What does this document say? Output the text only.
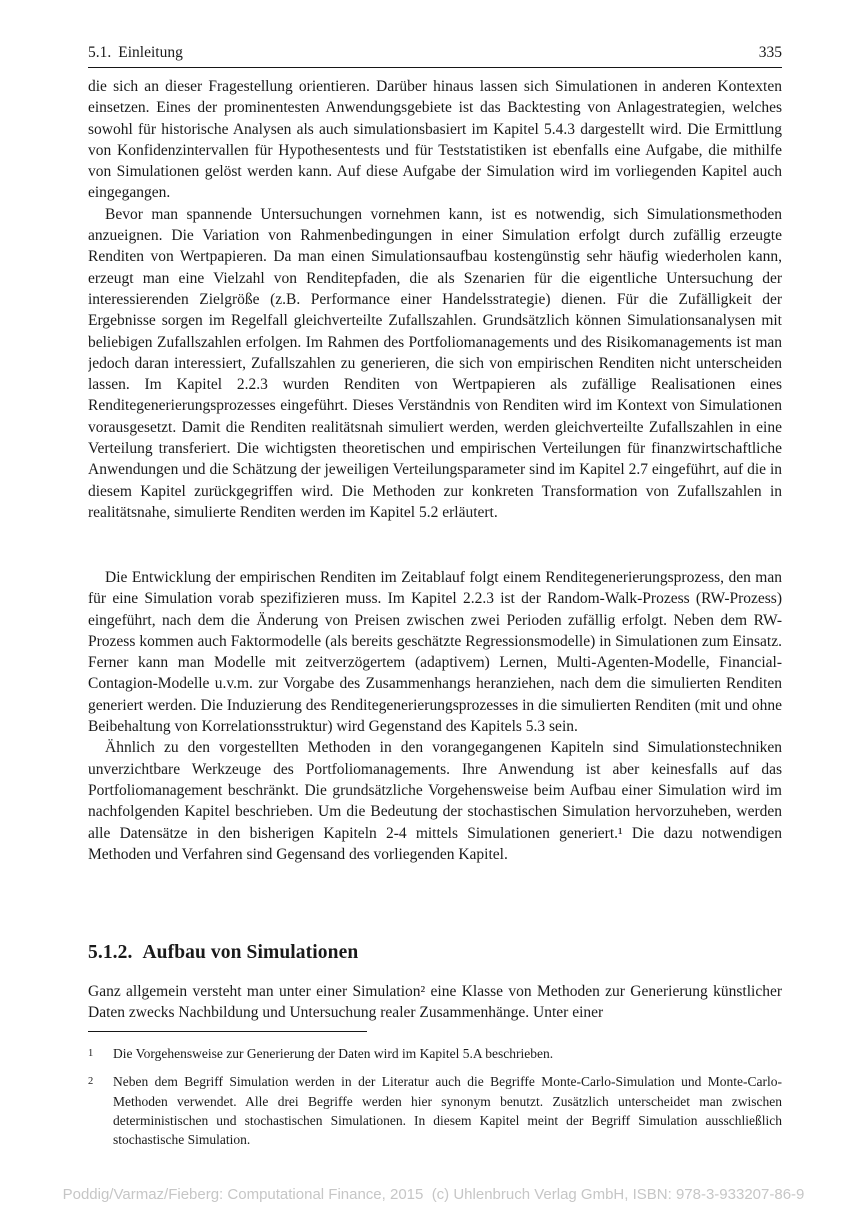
5.1. Einleitung	335

die sich an dieser Fragestellung orientieren. Darüber hinaus lassen sich Simulationen in anderen Kontexten einsetzen. Eines der prominentesten Anwendungsgebiete ist das Backtesting von Anlagestrategien, welches sowohl für historische Analysen als auch simulationsbasiert im Kapitel 5.4.3 dargestellt wird. Die Ermittlung von Konfidenzintervallen für Hypothesentests und für Teststatistiken ist ebenfalls eine Aufgabe, die mithilfe von Simulationen gelöst werden kann. Auf diese Aufgabe der Simulation wird im vorliegenden Kapitel auch eingegangen.

Bevor man spannende Untersuchungen vornehmen kann, ist es notwendig, sich Simulationsmethoden anzueignen. Die Variation von Rahmenbedingungen in einer Simulation erfolgt durch zufällig erzeugte Renditen von Wertpapieren. Da man einen Simulationsaufbau kostengünstig sehr häufig wiederholen kann, erzeugt man eine Vielzahl von Renditepfaden, die als Szenarien für die eigentliche Untersuchung der interessierenden Zielgröße (z.B. Performance einer Handelsstrategie) dienen. Für die Zufälligkeit der Ergebnisse sorgen im Regelfall gleichverteilte Zufallszahlen. Grundsätzlich können Simulationsanalysen mit beliebigen Zufallszahlen erfolgen. Im Rahmen des Portfoliomanagements und des Risikomanagements ist man jedoch daran interessiert, Zufallszahlen zu generieren, die sich von empirischen Renditen nicht unterscheiden lassen. Im Kapitel 2.2.3 wurden Renditen von Wertpapieren als zufällige Realisationen eines Renditegenerierungsprozesses eingeführt. Dieses Verständnis von Renditen wird im Kontext von Simulationen vorausgesetzt. Damit die Renditen realitätsnah simuliert werden, werden gleichverteilte Zufallszahlen in eine Verteilung transferiert. Die wichtigsten theoretischen und empirischen Verteilungen für finanzwirtschaftliche Anwendungen und die Schätzung der jeweiligen Verteilungsparameter sind im Kapitel 2.7 eingeführt, auf die in diesem Kapitel zurückgegriffen wird. Die Methoden zur konkreten Transformation von Zufallszahlen in realitätsnahe, simulierte Renditen werden im Kapitel 5.2 erläutert.

Die Entwicklung der empirischen Renditen im Zeitablauf folgt einem Renditegenerierungsprozess, den man für eine Simulation vorab spezifizieren muss. Im Kapitel 2.2.3 ist der Random-Walk-Prozess (RW-Prozess) eingeführt, nach dem die Änderung von Preisen zwischen zwei Perioden zufällig erfolgt. Neben dem RW-Prozess kommen auch Faktormodelle (als bereits geschätzte Regressionsmodelle) in Simulationen zum Einsatz. Ferner kann man Modelle mit zeitverzögertem (adaptivem) Lernen, Multi-Agenten-Modelle, Financial-Contagion-Modelle u.v.m. zur Vorgabe des Zusammenhangs heranziehen, nach dem die simulierten Renditen generiert werden. Die Induzierung des Renditegenerierungsprozesses in die simulierten Renditen (mit und ohne Beibehaltung von Korrelationsstruktur) wird Gegenstand des Kapitels 5.3 sein.

Ähnlich zu den vorgestellten Methoden in den vorangegangenen Kapiteln sind Simulationstechniken unverzichtbare Werkzeuge des Portfoliomanagements. Ihre Anwendung ist aber keinesfalls auf das Portfoliomanagement beschränkt. Die grundsätzliche Vorgehensweise beim Aufbau einer Simulation wird im nachfolgenden Kapitel beschrieben. Um die Bedeutung der stochastischen Simulation hervorzuheben, werden alle Datensätze in den bisherigen Kapiteln 2-4 mittels Simulationen generiert.¹ Die dazu notwendigen Methoden und Verfahren sind Gegensand des vorliegenden Kapitel.

5.1.2. Aufbau von Simulationen

Ganz allgemein versteht man unter einer Simulation² eine Klasse von Methoden zur Generierung künstlicher Daten zwecks Nachbildung und Untersuchung realer Zusammenhänge. Unter einer

1	Die Vorgehensweise zur Generierung der Daten wird im Kapitel 5.A beschrieben.
2	Neben dem Begriff Simulation werden in der Literatur auch die Begriffe Monte-Carlo-Simulation und Monte-Carlo-Methoden verwendet. Alle drei Begriffe werden hier synonym benutzt. Zusätzlich unterscheidet man zwischen deterministischen und stochastischen Simulationen. In diesem Kapitel meint der Begriff Simulation ausschließlich stochastische Simulation.
Poddig/Varmaz/Fieberg: Computational Finance, 2015  (c) Uhlenbruch Verlag GmbH, ISBN: 978-3-933207-86-9
